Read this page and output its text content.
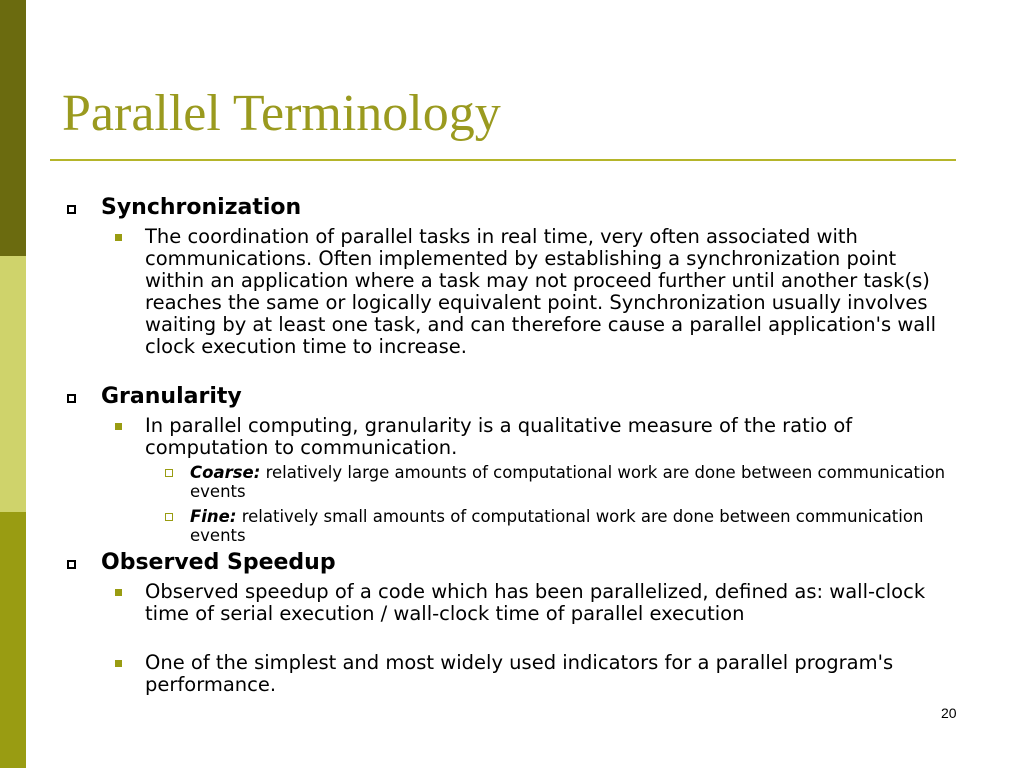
Parallel Terminology
Synchronization
The coordination of parallel tasks in real time, very often associated with communications. Often implemented by establishing a synchronization point within an application where a task may not proceed further until another task(s) reaches the same or logically equivalent point. Synchronization usually involves waiting by at least one task, and can therefore cause a parallel application's wall clock execution time to increase.
Granularity
In parallel computing, granularity is a qualitative measure of the ratio of computation to communication.
Coarse: relatively large amounts of computational work are done between communication events
Fine: relatively small amounts of computational work are done between communication events
Observed Speedup
Observed speedup of a code which has been parallelized, defined as: wall-clock time of serial execution / wall-clock time of parallel execution
One of the simplest and most widely used indicators for a parallel program's performance.
20
